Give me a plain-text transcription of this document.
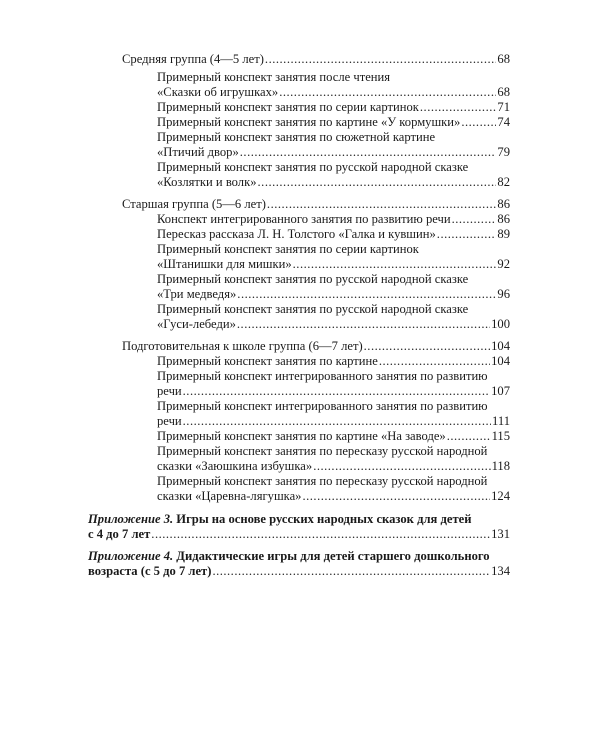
Средняя группа (4—5 лет) .....	68
Примерный конспект занятия после чтения
«Сказки об игрушках» .....	68
Примерный конспект занятия по серии картинок .....	71
Примерный конспект занятия по картине «У кормушки» .....	74
Примерный конспект занятия по сюжетной картине
«Птичий двор» .....	79
Примерный конспект занятия по русской народной сказке
«Козлятки и волк» .....	82
Старшая группа (5—6 лет) .....	86
Конспект интегрированного занятия по развитию речи .....	86
Пересказ рассказа Л. Н. Толстого «Галка и кувшин» .....	89
Примерный конспект занятия по серии картинок
«Штанишки для мишки» .....	92
Примерный конспект занятия по русской народной сказке
«Три медведя» .....	96
Примерный конспект занятия по русской народной сказке
«Гуси-лебеди» .....	100
Подготовительная к школе группа (6—7 лет) .....	104
Примерный конспект занятия по картине .....	104
Примерный конспект интегрированного занятия по развитию
речи .....	107
Примерный конспект интегрированного занятия по развитию
речи .....	111
Примерный конспект занятия по картине «На заводе» .....	115
Примерный конспект занятия по пересказу русской народной
сказки «Заюшкина избушка» .....	118
Примерный конспект занятия по пересказу русской народной
сказки «Царевна-лягушка» .....	124
Приложение 3. Игры на основе русских народных сказок для детей
с 4 до 7 лет .....	131
Приложение 4. Дидактические игры для детей старшего дошкольного
возраста (с 5 до 7 лет) .....	134
